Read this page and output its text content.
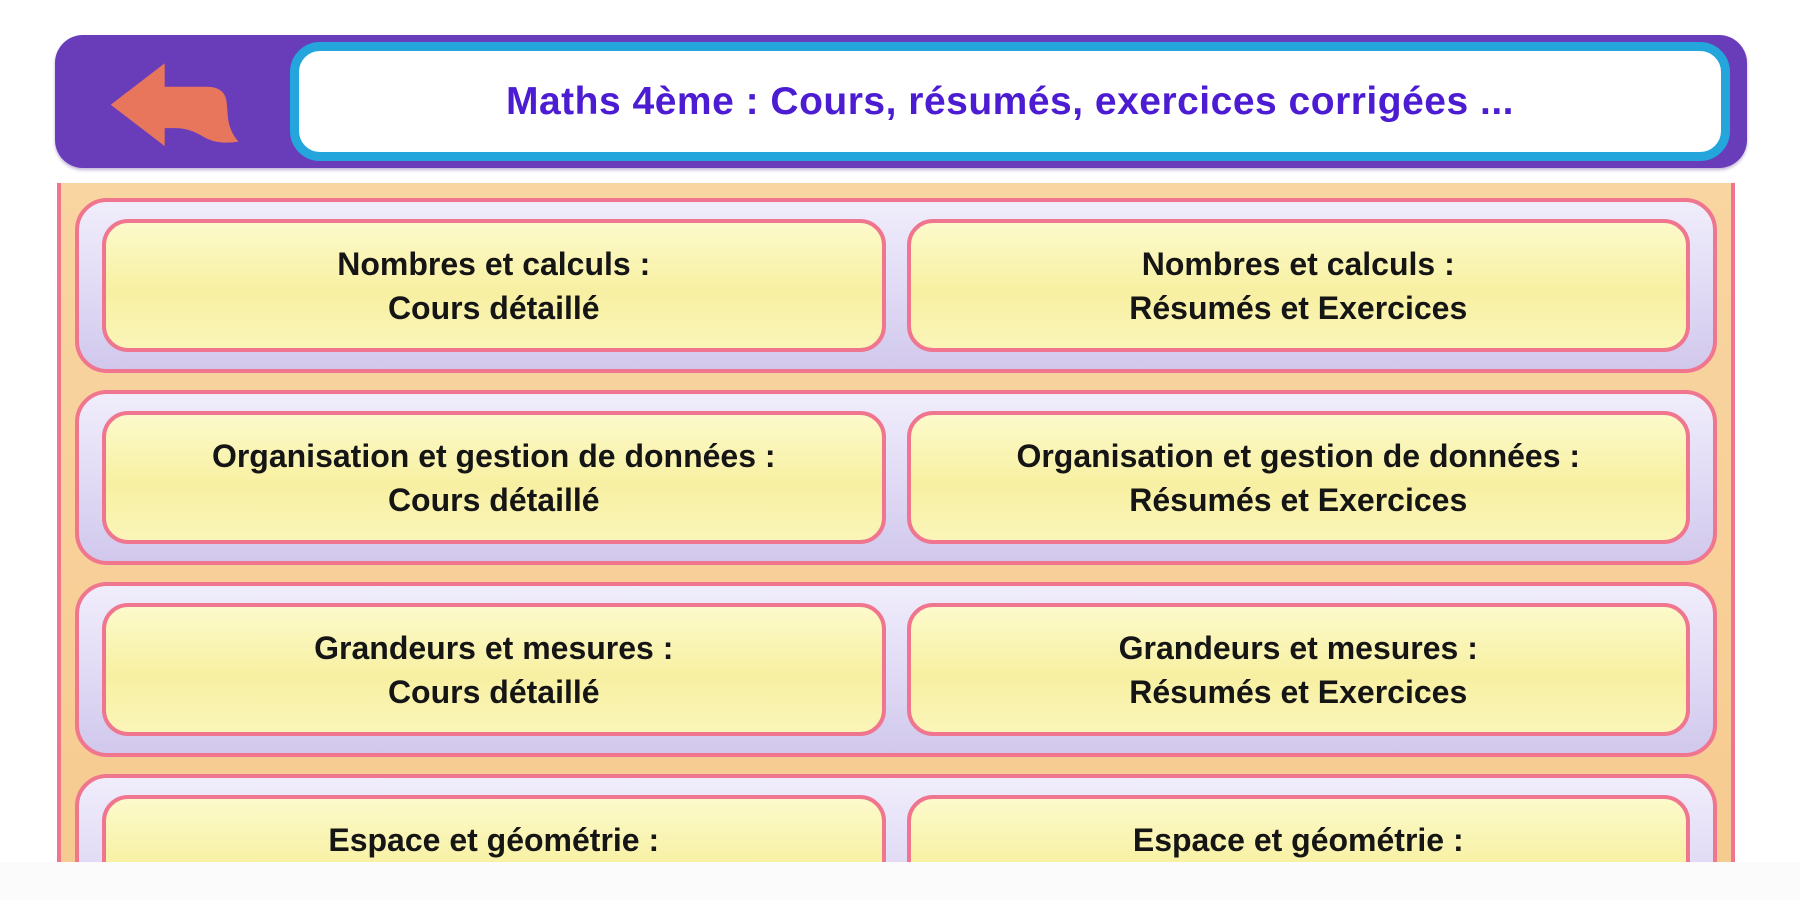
Maths 4ème : Cours, résumés, exercices corrigées ...
Nombres et calculs :
Cours détaillé
Nombres et calculs :
Résumés et Exercices
Organisation et gestion de données :
Cours détaillé
Organisation et gestion de données :
Résumés et Exercices
Grandeurs et mesures :
Cours détaillé
Grandeurs et mesures :
Résumés et Exercices
Espace et géométrie :	Espace et géométrie :
